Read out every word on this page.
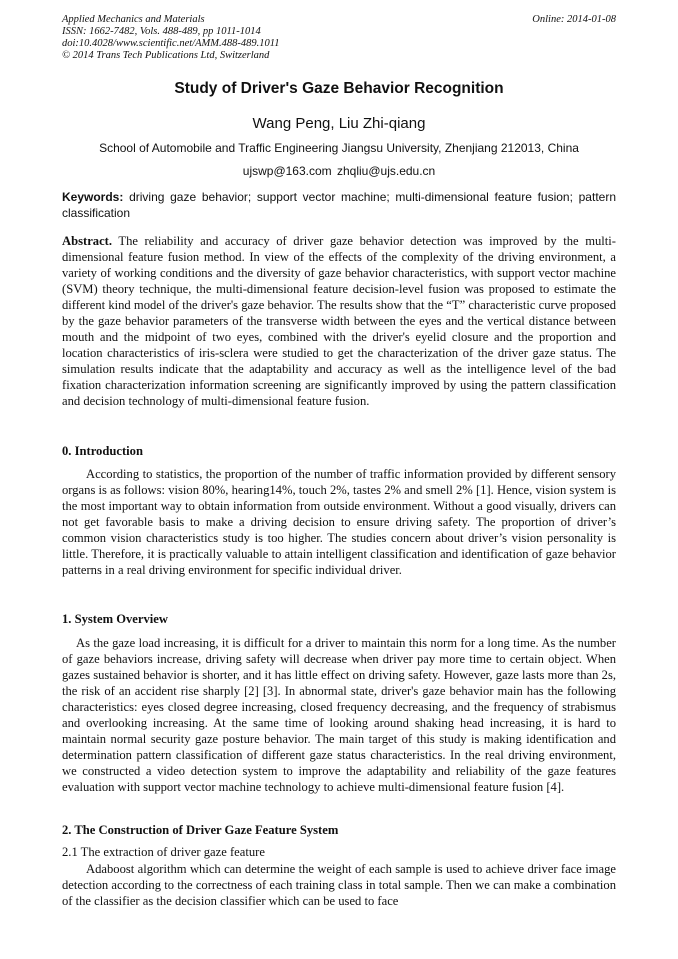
Applied Mechanics and Materials
ISSN: 1662-7482, Vols. 488-489, pp 1011-1014
doi:10.4028/www.scientific.net/AMM.488-489.1011
© 2014 Trans Tech Publications Ltd, Switzerland
Online: 2014-01-08
Study of Driver's Gaze Behavior Recognition
Wang Peng, Liu Zhi-qiang
School of Automobile and Traffic Engineering Jiangsu University, Zhenjiang 212013, China
ujswp@163.com zhqliu@ujs.edu.cn
Keywords: driving gaze behavior; support vector machine; multi-dimensional feature fusion; pattern classification
Abstract. The reliability and accuracy of driver gaze behavior detection was improved by the multi-dimensional feature fusion method. In view of the effects of the complexity of the driving environment, a variety of working conditions and the diversity of gaze behavior characteristics, with support vector machine (SVM) theory technique, the multi-dimensional feature decision-level fusion was proposed to estimate the different kind model of the driver's gaze behavior. The results show that the “T” characteristic curve proposed by the gaze behavior parameters of the transverse width between the eyes and the vertical distance between mouth and the midpoint of two eyes, combined with the driver's eyelid closure and the proportion and location characteristics of iris-sclera were studied to get the characterization of the driver gaze status. The simulation results indicate that the adaptability and accuracy as well as the intelligence level of the bad fixation characterization information screening are significantly improved by using the pattern classification and decision technology of multi-dimensional feature fusion.
0. Introduction
According to statistics, the proportion of the number of traffic information provided by different sensory organs is as follows: vision 80%, hearing14%, touch 2%, tastes 2% and smell 2% [1]. Hence, vision system is the most important way to obtain information from outside environment. Without a good visually, drivers can not get favorable basis to make a driving decision to ensure driving safety. The proportion of driver’s common vision characteristics study is too higher. The studies concern about driver’s vision personality is little. Therefore, it is practically valuable to attain intelligent classification and identification of gaze behavior patterns in a real driving environment for specific individual driver.
1. System Overview
As the gaze load increasing, it is difficult for a driver to maintain this norm for a long time. As the number of gaze behaviors increase, driving safety will decrease when driver pay more time to certain object. When gazes sustained behavior is shorter, and it has little effect on driving safety. However, gaze lasts more than 2s, the risk of an accident rise sharply [2] [3]. In abnormal state, driver's gaze behavior main has the following characteristics: eyes closed degree increasing, closed frequency decreasing, and the frequency of strabismus and overlooking increasing. At the same time of looking around shaking head increasing, it is hard to maintain normal security gaze posture behavior. The main target of this study is making identification and determination pattern classification of different gaze status characteristics. In the real driving environment, we constructed a video detection system to improve the adaptability and reliability of the gaze features evaluation with support vector machine technology to achieve multi-dimensional feature fusion [4].
2. The Construction of Driver Gaze Feature System
2.1 The extraction of driver gaze feature
Adaboost algorithm which can determine the weight of each sample is used to achieve driver face image detection according to the correctness of each training class in total sample. Then we can make a combination of the classifier as the decision classifier which can be used to face
